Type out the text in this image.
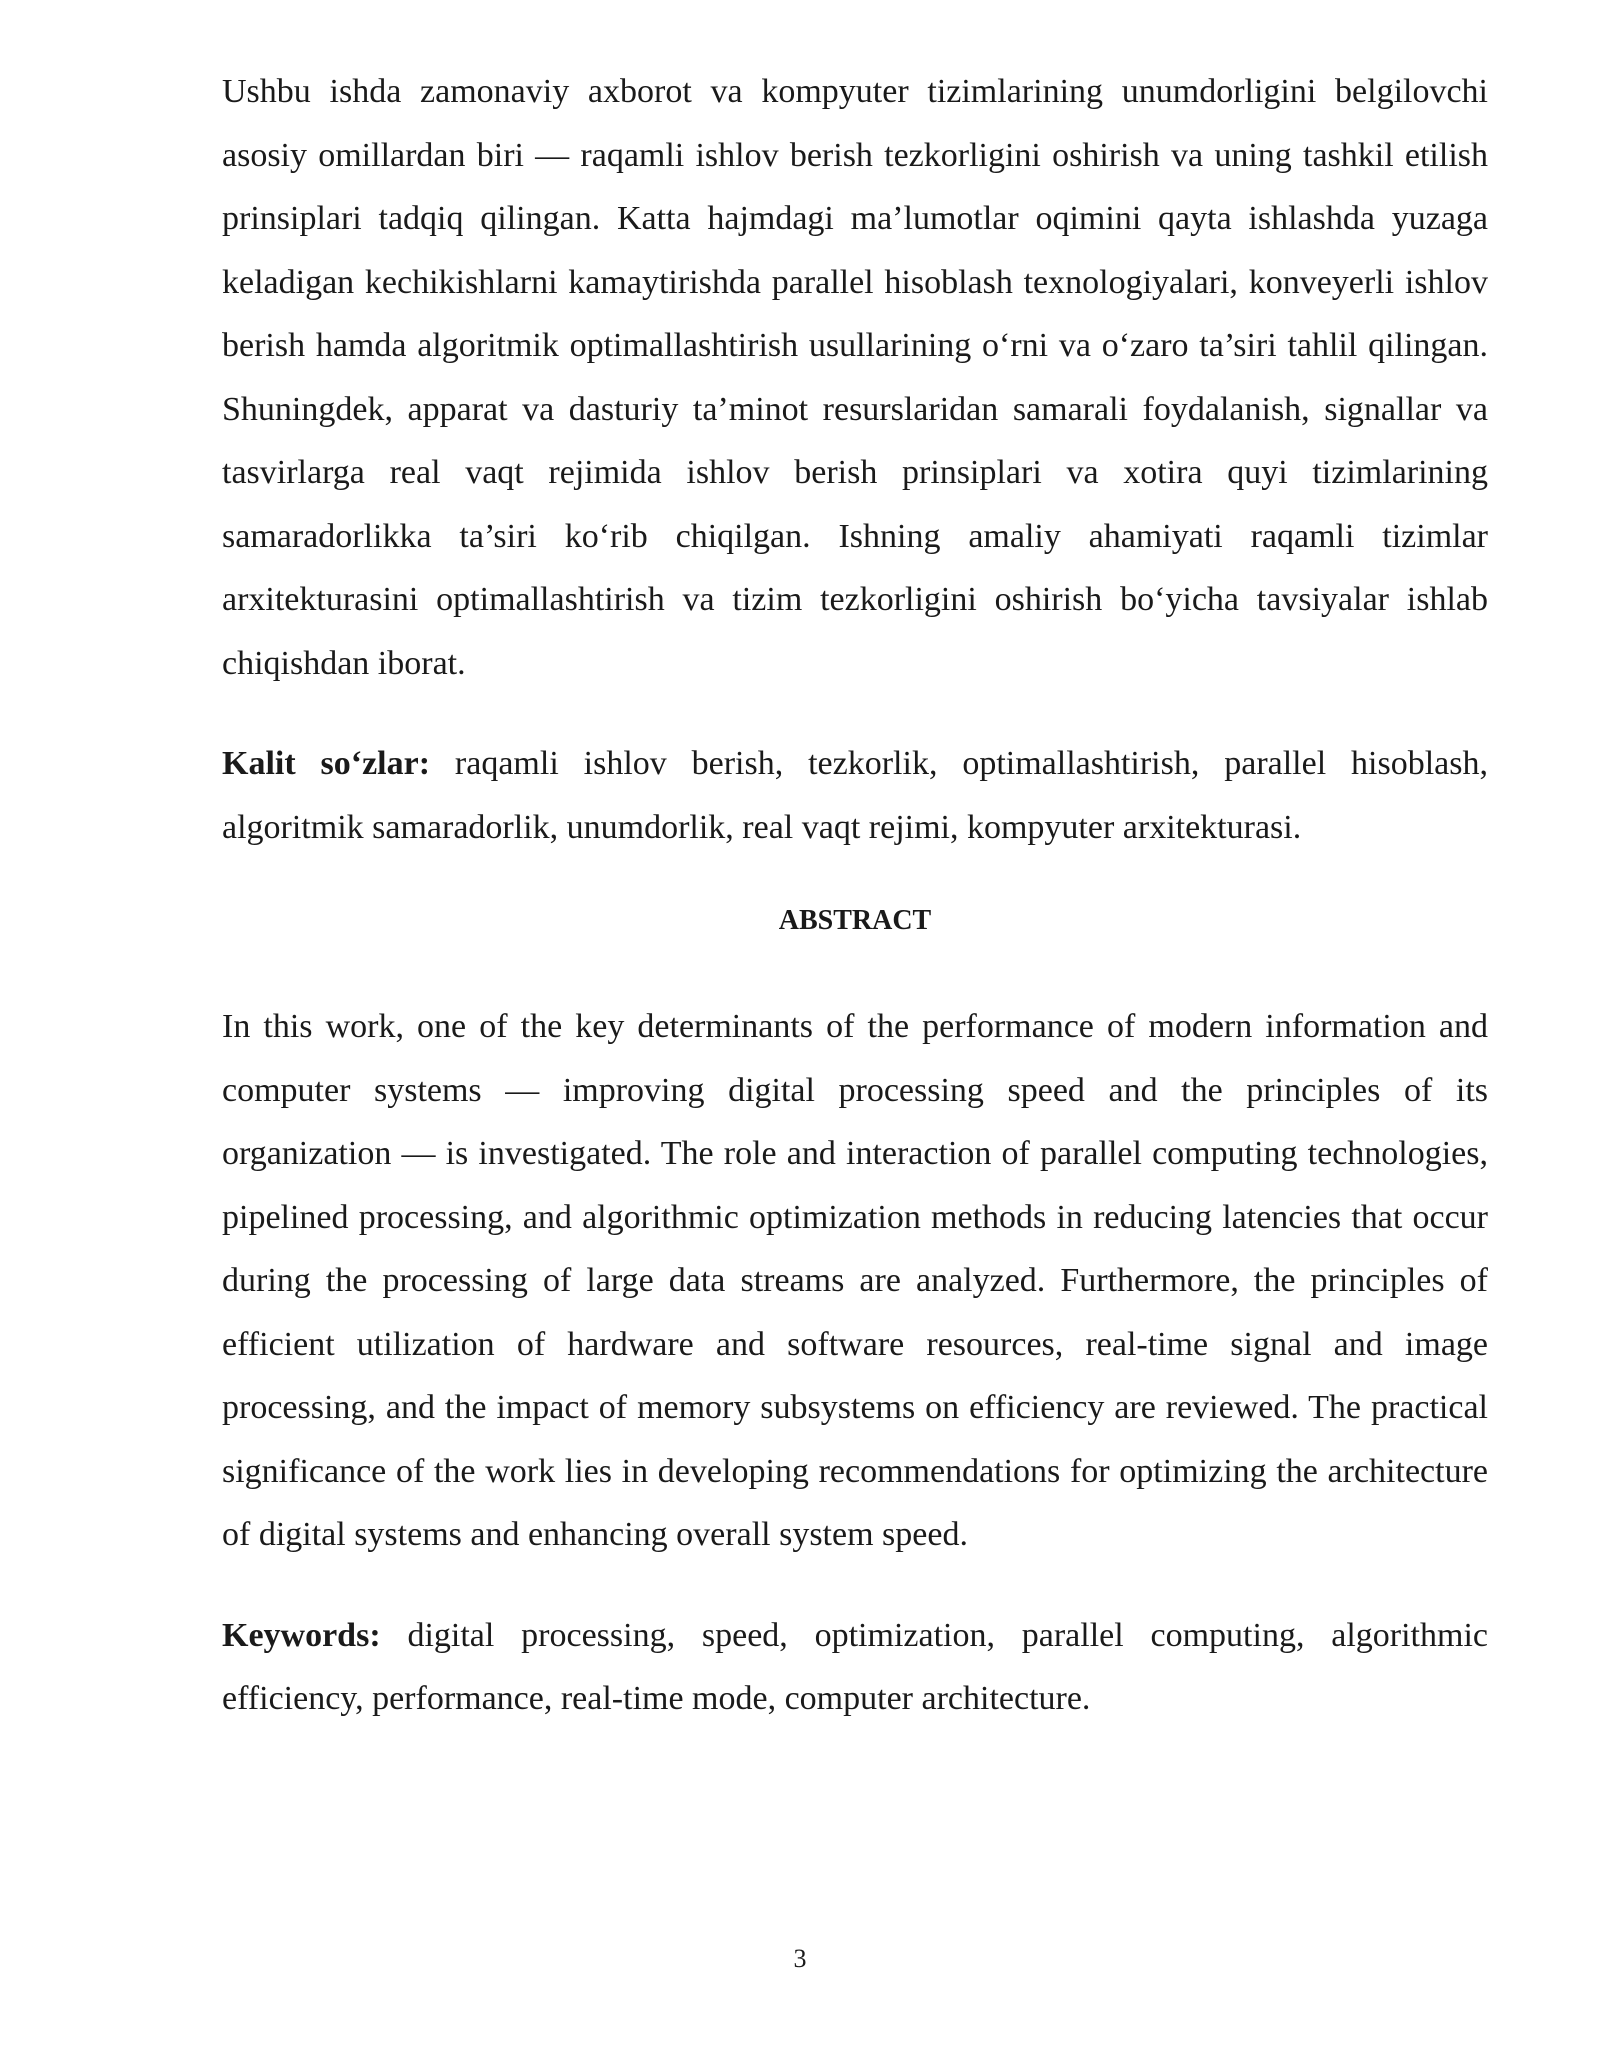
Ushbu ishda zamonaviy axborot va kompyuter tizimlarining unumdorligini belgilovchi asosiy omillardan biri — raqamli ishlov berish tezkorligini oshirish va uning tashkil etilish prinsiplari tadqiq qilingan. Katta hajmdagi ma’lumotlar oqimini qayta ishlashda yuzaga keladigan kechikishlarni kamaytirishda parallel hisoblash texnologiyalari, konveyerli ishlov berish hamda algoritmik optimallashtirish usullarining o‘rni va o‘zaro ta’siri tahlil qilingan. Shuningdek, apparat va dasturiy ta’minot resurslaridan samarali foydalanish, signallar va tasvirlarga real vaqt rejimida ishlov berish prinsiplari va xotira quyi tizimlarining samaradorlikka ta’siri ko‘rib chiqilgan. Ishning amaliy ahamiyati raqamli tizimlar arxitekturasini optimallashtirish va tizim tezkorligini oshirish bo‘yicha tavsiyalar ishlab chiqishdan iborat.

Kalit so‘zlar: raqamli ishlov berish, tezkorlik, optimallashtirish, parallel hisoblash, algoritmik samaradorlik, unumdorlik, real vaqt rejimi, kompyuter arxitekturasi.

ABSTRACT

In this work, one of the key determinants of the performance of modern information and computer systems — improving digital processing speed and the principles of its organization — is investigated. The role and interaction of parallel computing technologies, pipelined processing, and algorithmic optimization methods in reducing latencies that occur during the processing of large data streams are analyzed. Furthermore, the principles of efficient utilization of hardware and software resources, real-time signal and image processing, and the impact of memory subsystems on efficiency are reviewed. The practical significance of the work lies in developing recommendations for optimizing the architecture of digital systems and enhancing overall system speed.

Keywords: digital processing, speed, optimization, parallel computing, algorithmic efficiency, performance, real-time mode, computer architecture.

3
